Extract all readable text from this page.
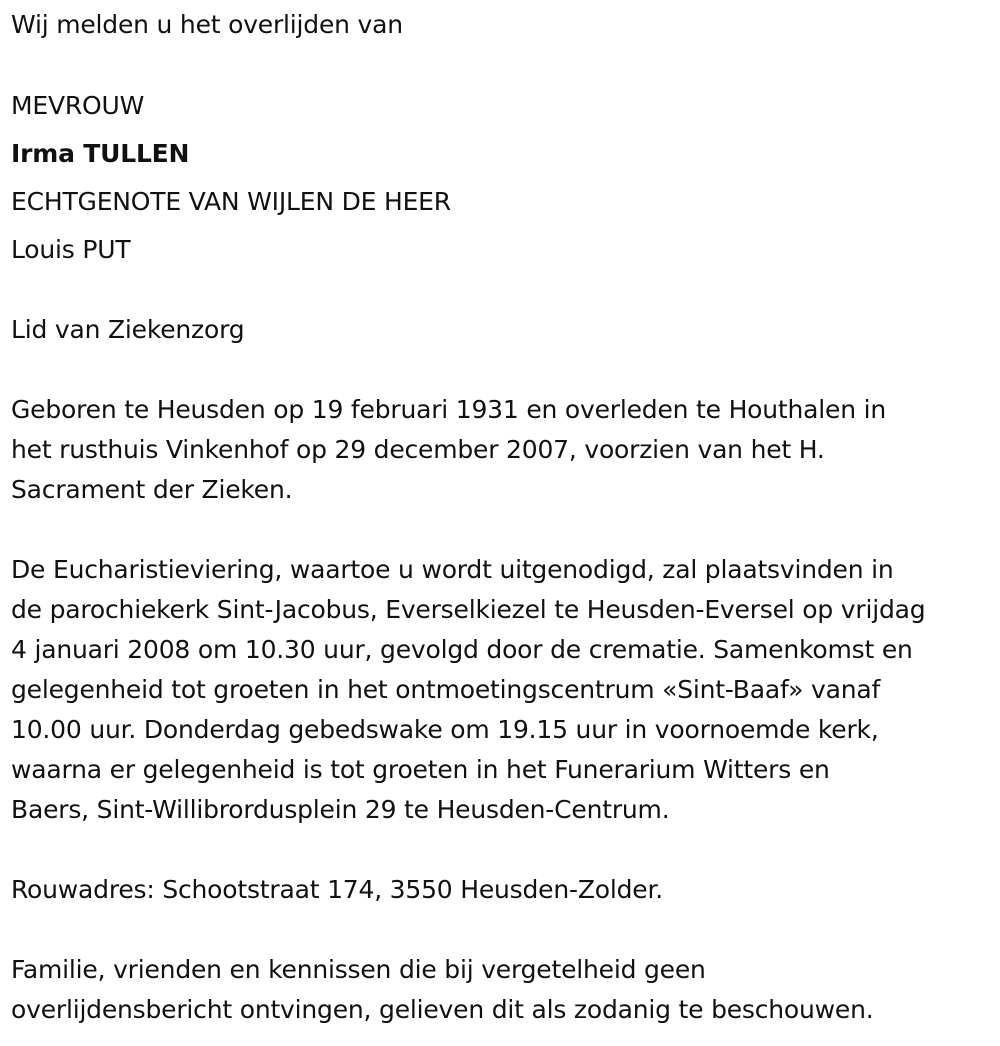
Wij melden u het overlijden van
MEVROUW
Irma TULLEN
ECHTGENOTE VAN WIJLEN DE HEER
Louis PUT
Lid van Ziekenzorg
Geboren te Heusden op 19 februari 1931 en overleden te Houthalen in
het rusthuis Vinkenhof op 29 december 2007, voorzien van het H.
Sacrament der Zieken.
De Eucharistieviering, waartoe u wordt uitgenodigd, zal plaatsvinden in
de parochiekerk Sint-Jacobus, Everselkiezel te Heusden-Eversel op vrijdag
4 januari 2008 om 10.30 uur, gevolgd door de crematie. Samenkomst en
gelegenheid tot groeten in het ontmoetingscentrum «Sint-Baaf» vanaf
10.00 uur. Donderdag gebedswake om 19.15 uur in voornoemde kerk,
waarna er gelegenheid is tot groeten in het Funerarium Witters en
Baers, Sint-Willibrordusplein 29 te Heusden-Centrum.
Rouwadres: Schootstraat 174, 3550 Heusden-Zolder.
Familie, vrienden en kennissen die bij vergetelheid geen
overlijdensbericht ontvingen, gelieven dit als zodanig te beschouwen.
